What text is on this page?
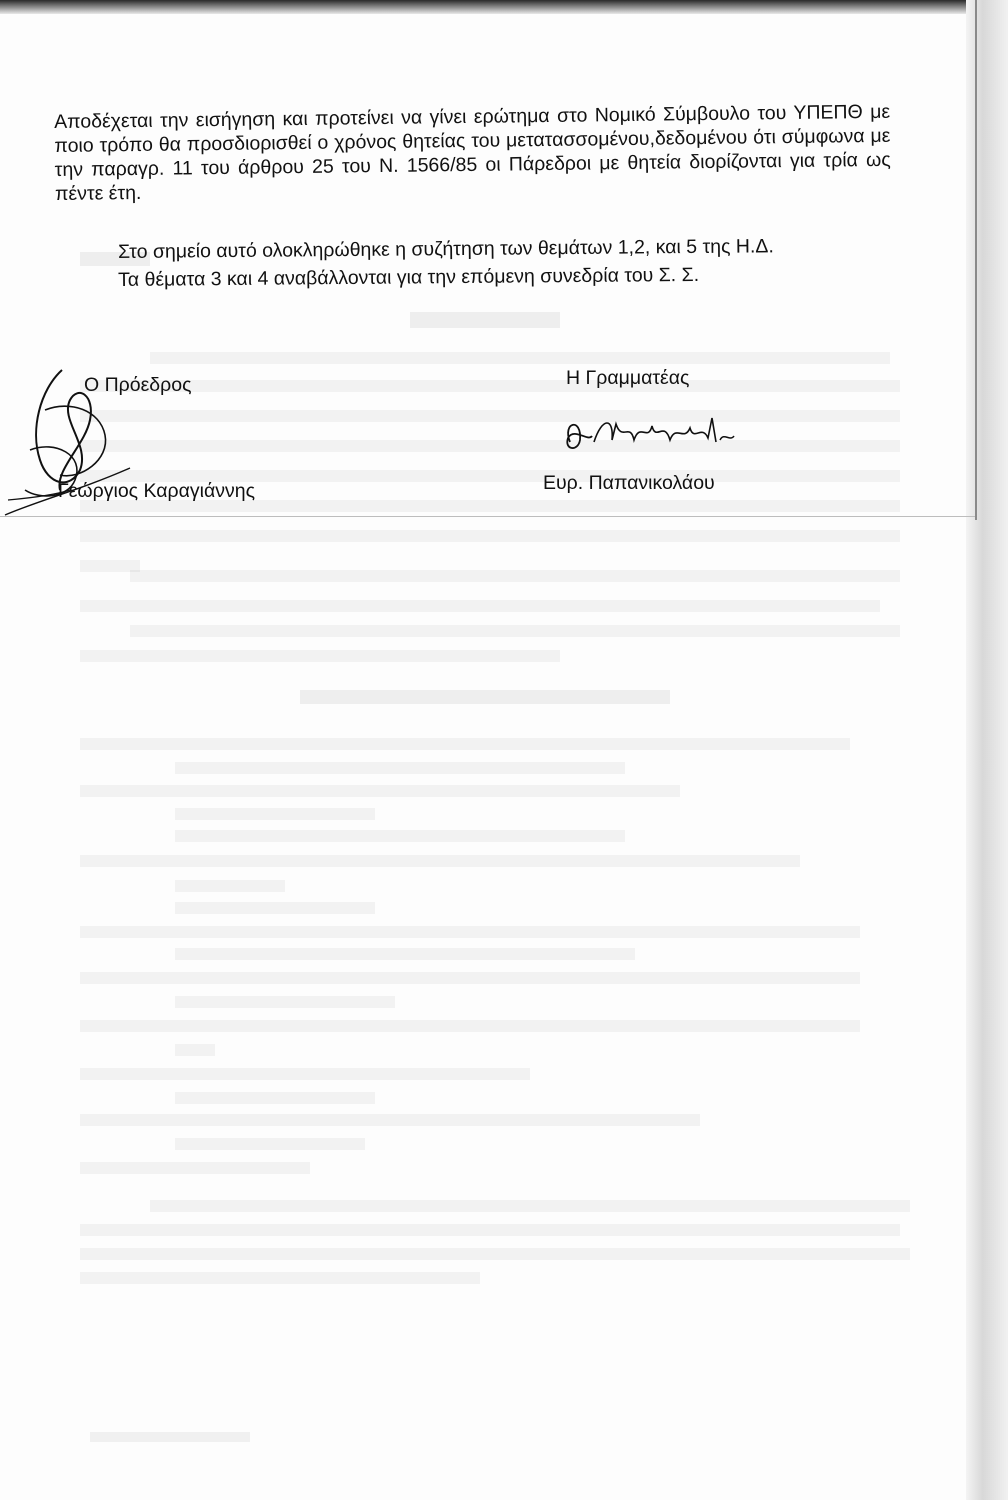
Αποδέχεται την εισήγηση και προτείνει να γίνει ερώτημα στο Νομικό Σύμβουλο του ΥΠΕΠΘ με ποιο τρόπο θα προσδιορισθεί ο χρόνος θητείας του μετατασσομένου,δεδομένου ότι σύμφωνα με την παραγρ. 11 του άρθρου 25 του Ν. 1566/85 οι Πάρεδροι με θητεία διορίζονται για τρία ως πέντε έτη.
Στο σημείο αυτό ολοκληρώθηκε η συζήτηση των θεμάτων 1,2, και 5 της Η.Δ.
Τα θέματα 3 και 4 αναβάλλονται για την επόμενη συνεδρία του Σ. Σ.
Ο Πρόεδρος
Γεώργιος Καραγιάννης
Η Γραμματέας
Ευρ. Παπανικολάου
